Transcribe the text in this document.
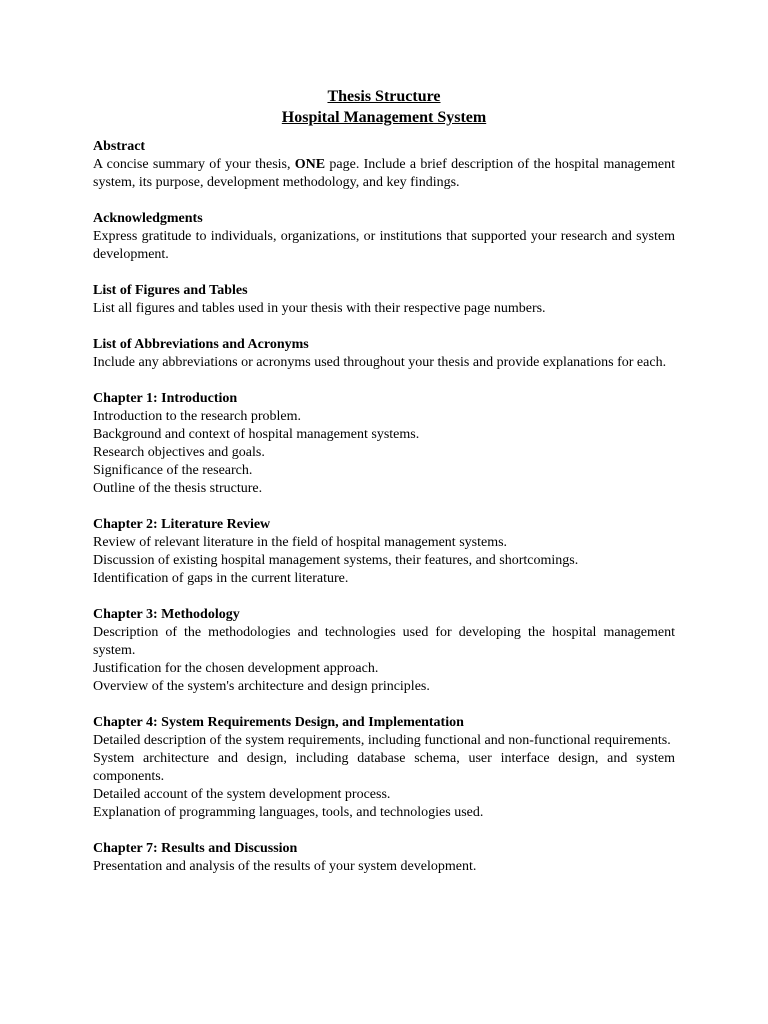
Thesis Structure
Hospital Management System
Abstract
A concise summary of your thesis, ONE page. Include a brief description of the hospital management system, its purpose, development methodology, and key findings.
Acknowledgments
Express gratitude to individuals, organizations, or institutions that supported your research and system development.
List of Figures and Tables
List all figures and tables used in your thesis with their respective page numbers.
List of Abbreviations and Acronyms
Include any abbreviations or acronyms used throughout your thesis and provide explanations for each.
Chapter 1: Introduction
Introduction to the research problem.
Background and context of hospital management systems.
Research objectives and goals.
Significance of the research.
Outline of the thesis structure.
Chapter 2: Literature Review
Review of relevant literature in the field of hospital management systems.
Discussion of existing hospital management systems, their features, and shortcomings.
Identification of gaps in the current literature.
Chapter 3: Methodology
Description of the methodologies and technologies used for developing the hospital management system.
Justification for the chosen development approach.
Overview of the system's architecture and design principles.
Chapter 4: System Requirements Design, and Implementation
Detailed description of the system requirements, including functional and non-functional requirements.
System architecture and design, including database schema, user interface design, and system components.
Detailed account of the system development process.
Explanation of programming languages, tools, and technologies used.
Chapter 7: Results and Discussion
Presentation and analysis of the results of your system development.
